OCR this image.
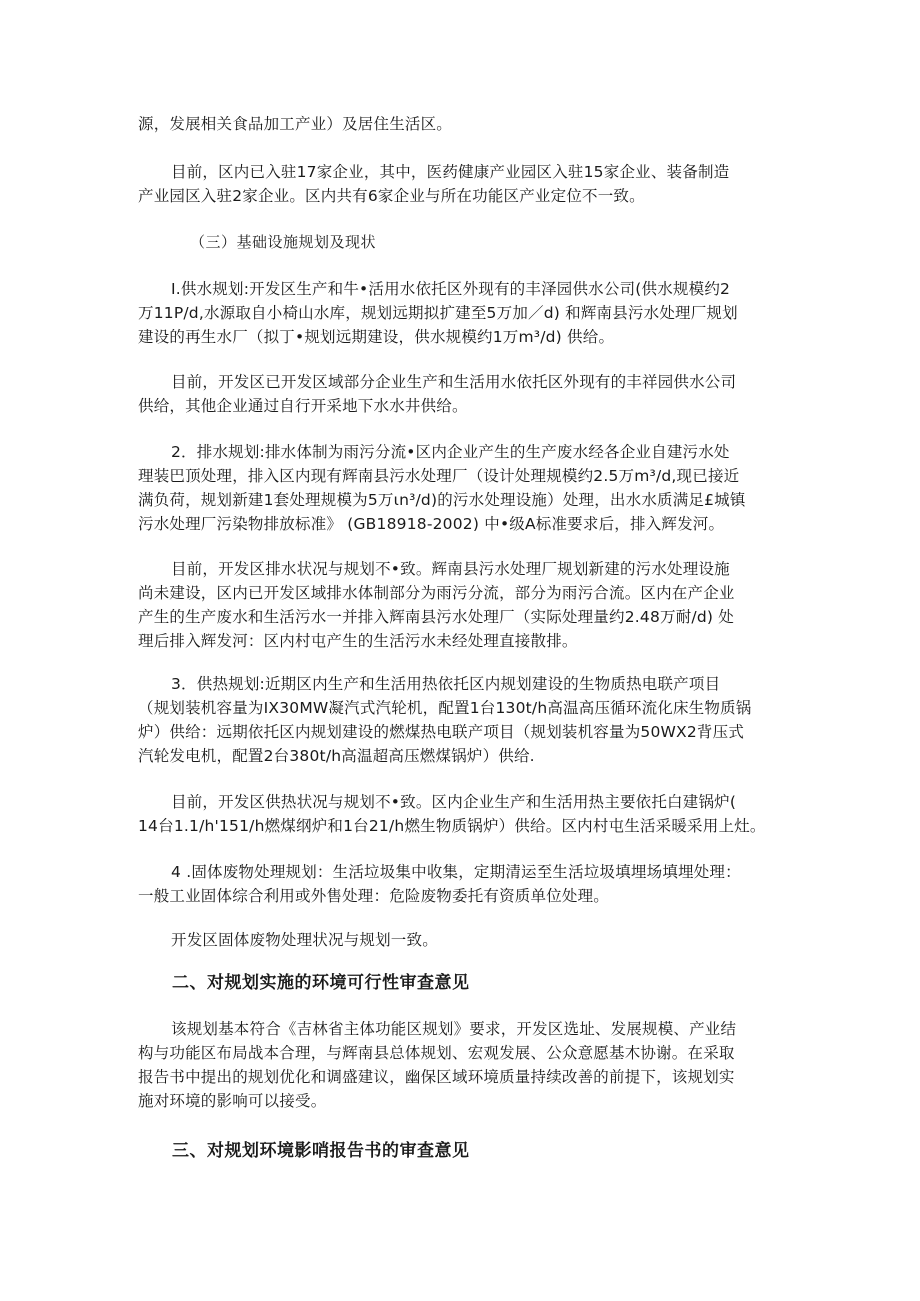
源，发展相关食品加工产业）及居住生活区。

目前，区内已入驻17家企业，其中，医药健康产业园区入驻15家企业、装备制造
产业园区入驻2家企业。区内共有6家企业与所在功能区产业定位不一致。

（三）基础设施规划及现状

I.供水规划:开发区生产和牛•活用水依托区外现有的丰泽园供水公司(供水规模约2
万11P/d,水源取自小椅山水库，规划远期拟扩建至5万加／d) 和辉南县污水处理厂规划
建设的再生水厂（拟丁•规划远期建设，供水规模约1万m³/d) 供给。

目前，开发区已开发区域部分企业生产和生活用水依托区外现有的丰祥园供水公司
供给，其他企业通过自行开采地下水水井供给。

2．排水规划:排水体制为雨污分流•区内企业产生的生产废水经各企业自建污水处
理装巴顶处理，排入区内现有辉南县污水处理厂（设计处理规模约2.5万m³/d,现已接近
满负荷，规划新建1套处理规模为5万ιn³/d)的污水处理设施）处理，出水水质满足£城镇
污水处理厂污染物排放标准》 (GB18918-2002) 中•级A标准要求后，排入辉发河。

目前，开发区排水状况与规划不•致。辉南县污水处理厂规划新建的污水处理设施
尚未建设，区内已开发区域排水体制部分为雨污分流，部分为雨污合流。区内在产企业
产生的生产废水和生活污水一并排入辉南县污水处理厂（实际处理量约2.48万耐/d) 处
理后排入辉发河：区内村屯产生的生活污水未经处理直接散排。

3．供热规划:近期区内生产和生活用热依托区内规划建设的生物质热电联产项目
（规划装机容量为IX30MW凝汽式汽轮机，配置1台130t/h高温高压循环流化床生物质锅
炉）供给：远期依托区内规划建设的燃煤热电联产项目（规划装机容量为50WX2背压式
汽轮发电机，配置2台380t/h高温超高压燃煤锅炉）供给.

目前，开发区供热状况与规划不•致。区内企业生产和生活用热主要依托白建锅炉(
14台1.1/h'151/h燃煤纲炉和1台21/h燃生物质锅炉）供给。区内村屯生活采暖采用上灶。

4 .固体废物处理规划：生活垃圾集中收集，定期清运至生活垃圾填埋场填埋处理：
一般工业固体综合利用或外售处理：危险废物委托有资质单位处理。

开发区固体废物处理状况与规划一致。

二、对规划实施的环境可行性审查意见

该规划基本符合《吉林省主体功能区规划》要求，开发区选址、发展规模、产业结
构与功能区布局战本合理，与辉南县总体规划、宏观发展、公众意愿基木协谢。在采取
报告书中提出的规划优化和调盛建议，幽保区域环境质量持续改善的前提下，该规划实
施对环境的影响可以接受。

三、对规划环境影哨报告书的审查意见
